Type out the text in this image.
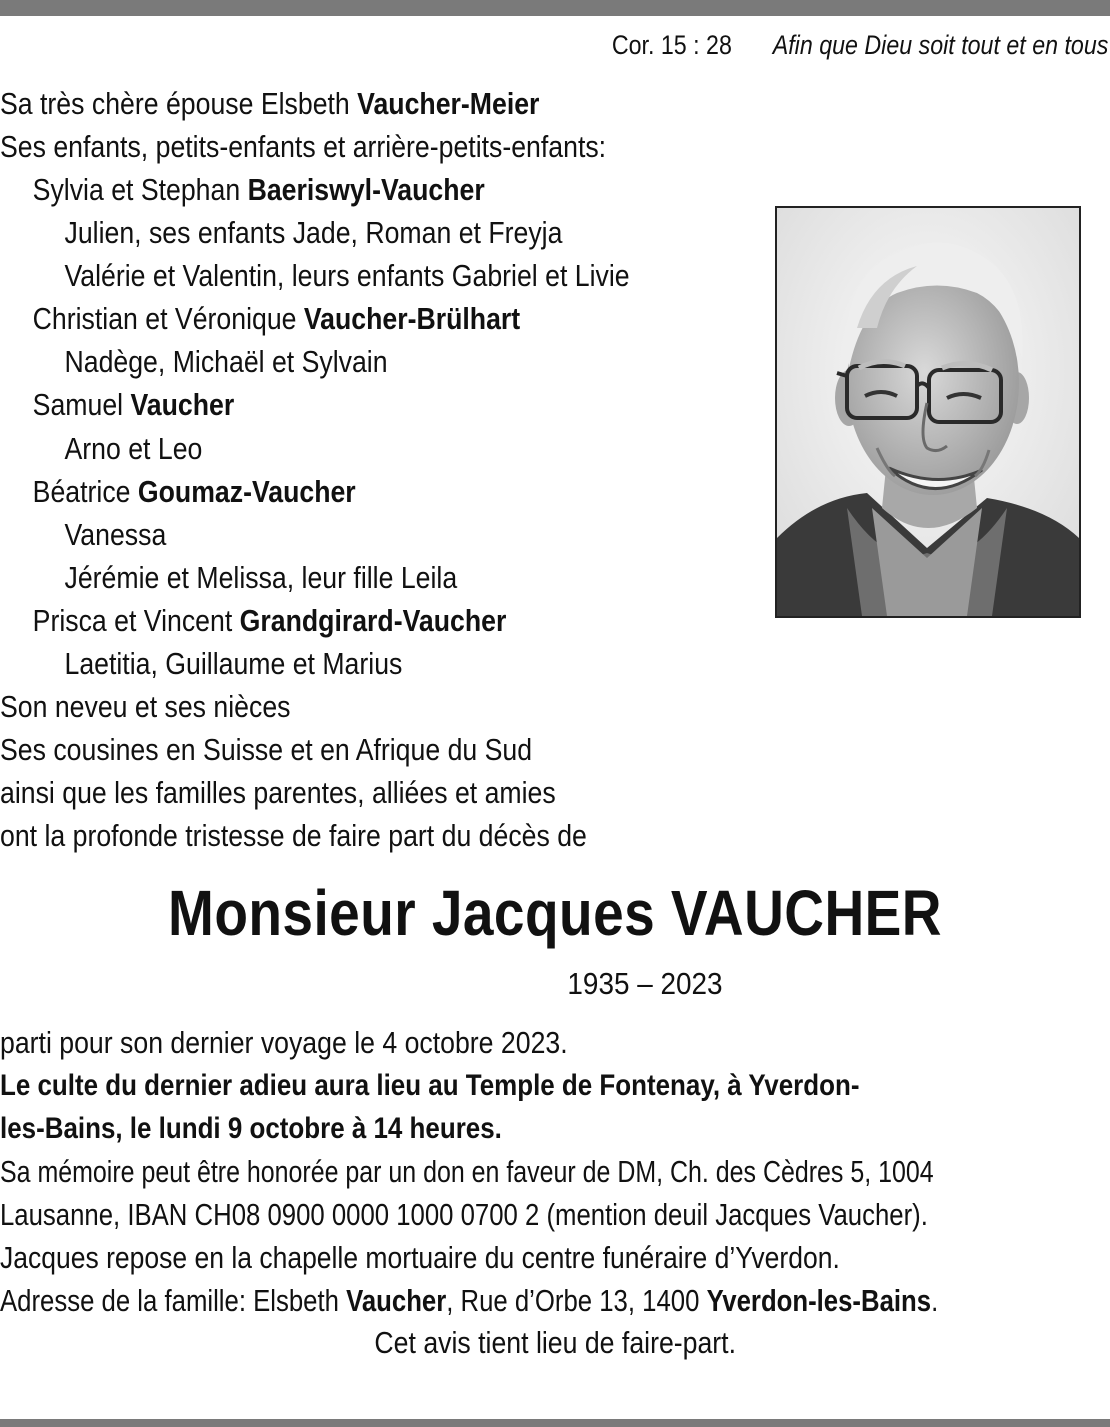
Cor. 15 : 28 Afin que Dieu soit tout et en tous
Sa très chère épouse Elsbeth Vaucher-Meier
Ses enfants, petits-enfants et arrière-petits-enfants:
Sylvia et Stephan Baeriswyl-Vaucher
Julien, ses enfants Jade, Roman et Freyja
Valérie et Valentin, leurs enfants Gabriel et Livie
Christian et Véronique Vaucher-Brülhart
Nadège, Michaël et Sylvain
Samuel Vaucher
Arno et Leo
Béatrice Goumaz-Vaucher
Vanessa
Jérémie et Melissa, leur fille Leila
Prisca et Vincent Grandgirard-Vaucher
Laetitia, Guillaume et Marius
Son neveu et ses nièces
Ses cousines en Suisse et en Afrique du Sud
ainsi que les familles parentes, alliées et amies
ont la profonde tristesse de faire part du décès de
Monsieur Jacques VAUCHER
1935 – 2023
parti pour son dernier voyage le 4 octobre 2023.
Le culte du dernier adieu aura lieu au Temple de Fontenay, à Yverdon-
les-Bains, le lundi 9 octobre à 14 heures.
Sa mémoire peut être honorée par un don en faveur de DM, Ch. des Cèdres 5, 1004
Lausanne, IBAN CH08 0900 0000 1000 0700 2 (mention deuil Jacques Vaucher).
Jacques repose en la chapelle mortuaire du centre funéraire d’Yverdon.
Adresse de la famille: Elsbeth Vaucher, Rue d’Orbe 13, 1400 Yverdon-les-Bains.
Cet avis tient lieu de faire-part.
